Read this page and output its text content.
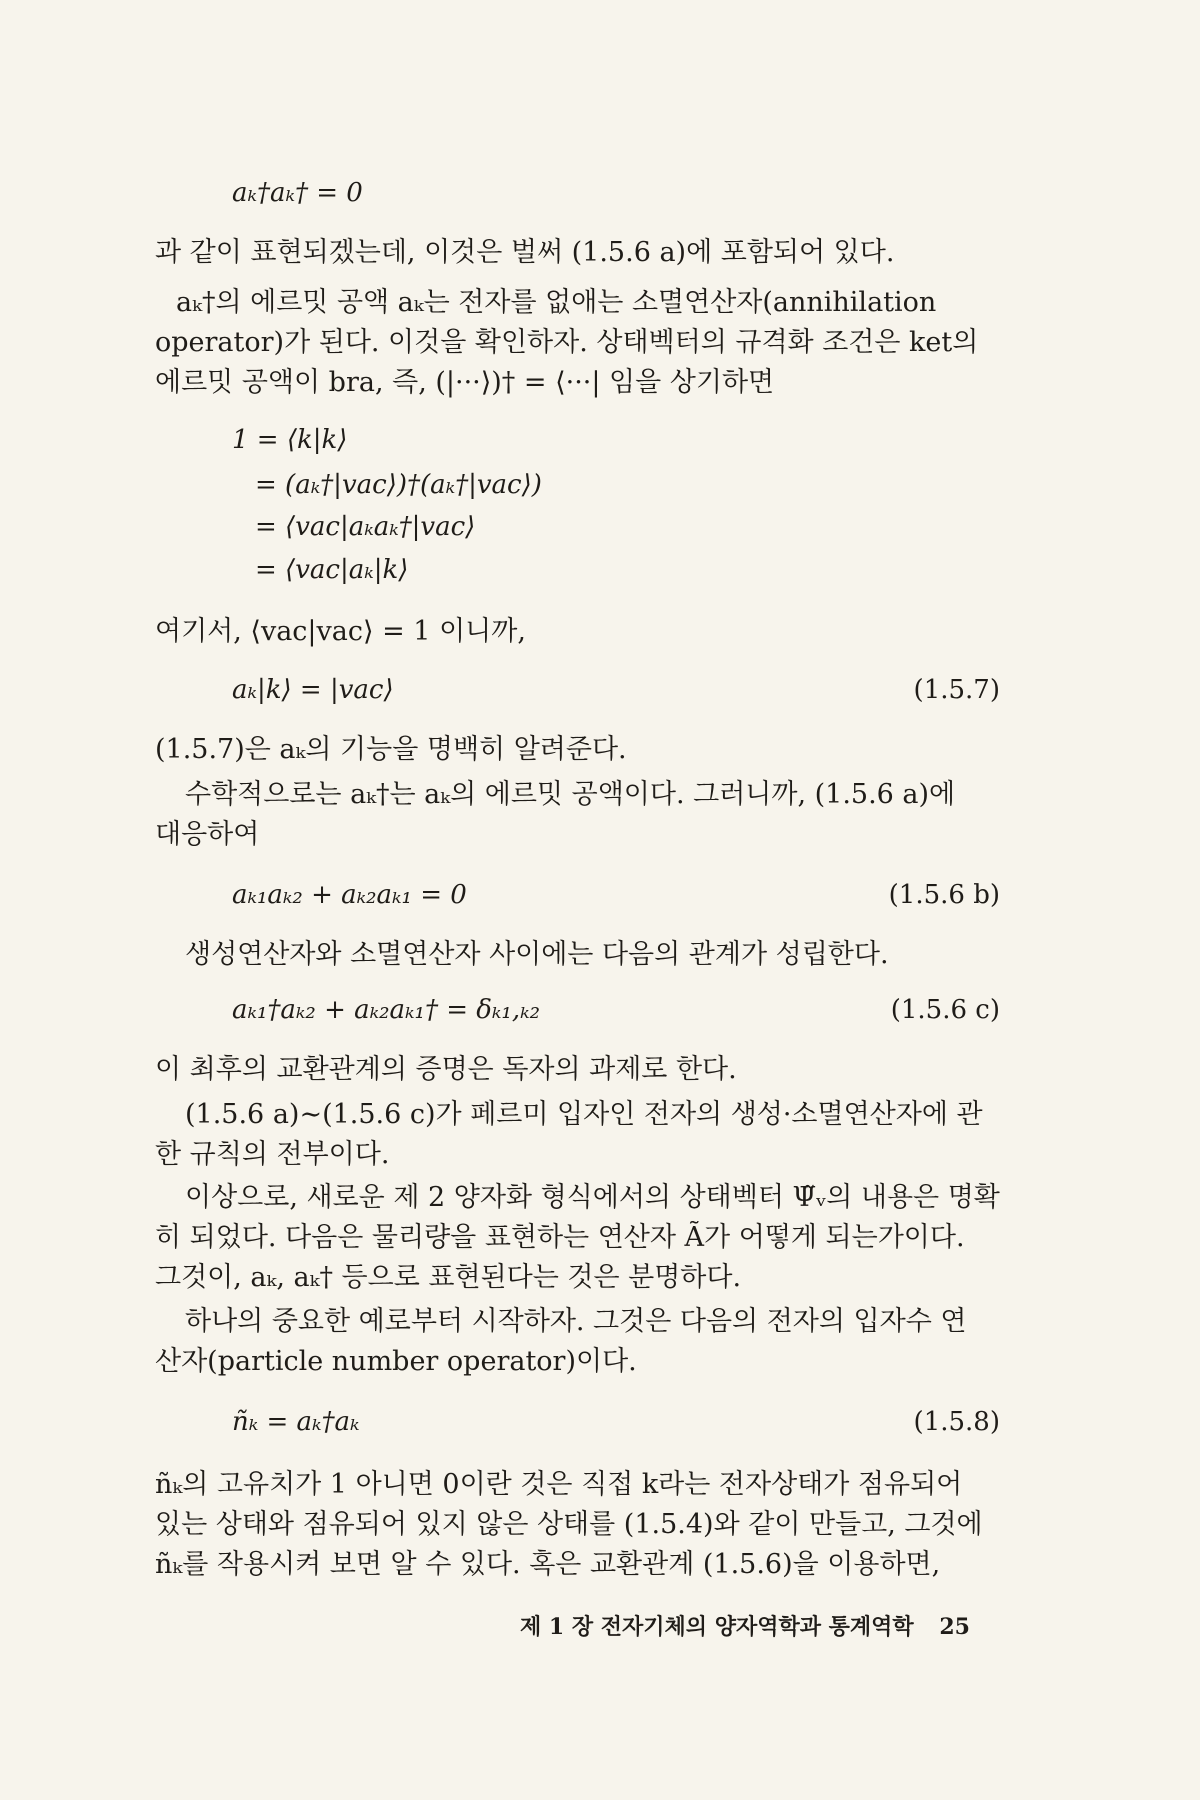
aₖ†aₖ† = 0
과 같이 표현되겠는데, 이것은 벌써 (1.5.6 a)에 포함되어 있다.
aₖ†의 에르밋 공액 aₖ는 전자를 없애는 소멸연산자(annihilation
operator)가 된다. 이것을 확인하자. 상태벡터의 규격화 조건은 ket의
에르밋 공액이 bra, 즉, (|···⟩)† = ⟨···| 임을 상기하면
1 = ⟨k|k⟩
= (aₖ†|vac⟩)†(aₖ†|vac⟩)
= ⟨vac|aₖaₖ†|vac⟩
= ⟨vac|aₖ|k⟩
여기서, ⟨vac|vac⟩ = 1 이니까,
aₖ|k⟩ = |vac⟩	(1.5.7)
(1.5.7)은 aₖ의 기능을 명백히 알려준다.
수학적으로는 aₖ†는 aₖ의 에르밋 공액이다. 그러니까, (1.5.6 a)에
대응하여
aₖ₁aₖ₂ + aₖ₂aₖ₁ = 0	(1.5.6 b)
생성연산자와 소멸연산자 사이에는 다음의 관계가 성립한다.
aₖ₁†aₖ₂ + aₖ₂aₖ₁† = δₖ₁,ₖ₂	(1.5.6 c)
이 최후의 교환관계의 증명은 독자의 과제로 한다.
(1.5.6 a)∼(1.5.6 c)가 페르미 입자인 전자의 생성·소멸연산자에 관
한 규칙의 전부이다.
이상으로, 새로운 제 2 양자화 형식에서의 상태벡터 Ψ̃ᵥ의 내용은 명확
히 되었다. 다음은 물리량을 표현하는 연산자 Ã가 어떻게 되는가이다.
그것이, aₖ, aₖ† 등으로 표현된다는 것은 분명하다.
하나의 중요한 예로부터 시작하자. 그것은 다음의 전자의 입자수 연
산자(particle number operator)이다.
ñₖ = aₖ†aₖ	(1.5.8)
ñₖ의 고유치가 1 아니면 0이란 것은 직접 k라는 전자상태가 점유되어
있는 상태와 점유되어 있지 않은 상태를 (1.5.4)와 같이 만들고, 그것에
ñₖ를 작용시켜 보면 알 수 있다. 혹은 교환관계 (1.5.6)을 이용하면,
제 1 장 전자기체의 양자역학과 통계역학 25
